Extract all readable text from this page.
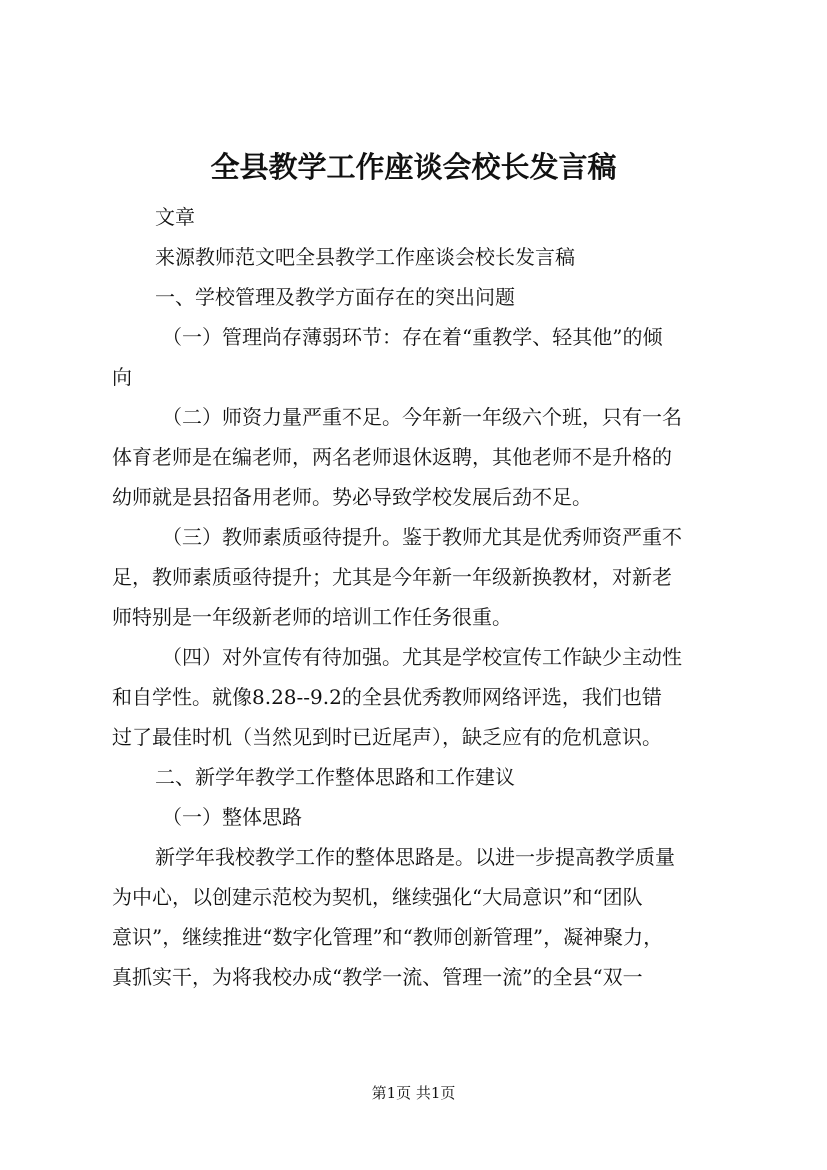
全县教学工作座谈会校长发言稿
文章
来源教师范文吧全县教学工作座谈会校长发言稿
一、学校管理及教学方面存在的突出问题
（一）管理尚存薄弱环节：存在着“重教学、轻其他”的倾
向
（二）师资力量严重不足。今年新一年级六个班，只有一名
体育老师是在编老师，两名老师退休返聘，其他老师不是升格的
幼师就是县招备用老师。势必导致学校发展后劲不足。
（三）教师素质亟待提升。鉴于教师尤其是优秀师资严重不
足，教师素质亟待提升；尤其是今年新一年级新换教材，对新老
师特别是一年级新老师的培训工作任务很重。
（四）对外宣传有待加强。尤其是学校宣传工作缺少主动性
和自学性。就像8.28--9.2的全县优秀教师网络评选，我们也错
过了最佳时机（当然见到时已近尾声），缺乏应有的危机意识。
二、新学年教学工作整体思路和工作建议
（一）整体思路
新学年我校教学工作的整体思路是。以进一步提高教学质量
为中心，以创建示范校为契机，继续强化“大局意识”和“团队
意识”，继续推进“数字化管理”和“教师创新管理”，凝神聚力，
真抓实干，为将我校办成“教学一流、管理一流”的全县“双一
第1页 共1页
